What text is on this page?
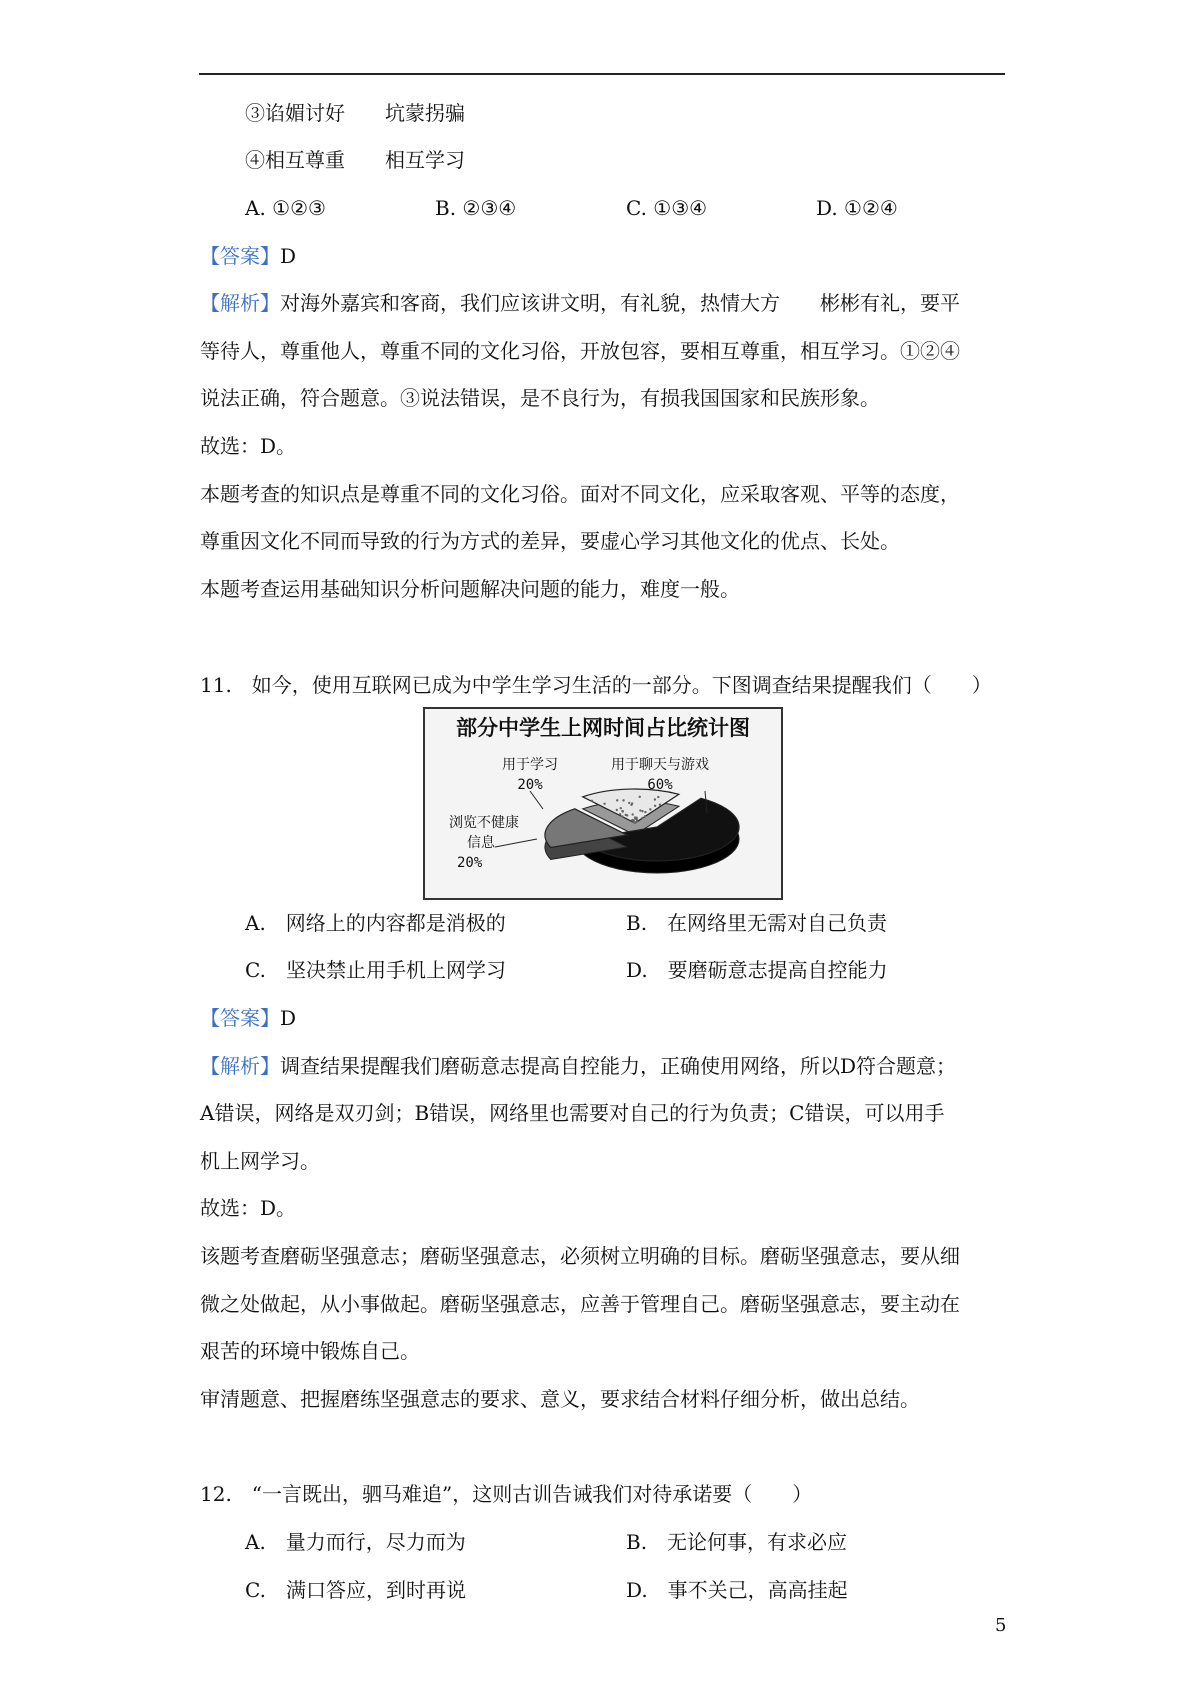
③谄媚讨好　　坑蒙拐骗
④相互尊重　　相互学习
A. ①②③	B. ②③④	C. ①③④	D. ①②④
【答案】D
【解析】对海外嘉宾和客商，我们应该讲文明，有礼貌，热情大方　　彬彬有礼，要平
等待人，尊重他人，尊重不同的文化习俗，开放包容，要相互尊重，相互学习。①②④
说法正确，符合题意。③说法错误，是不良行为，有损我国国家和民族形象。
故选：D。
本题考查的知识点是尊重不同的文化习俗。面对不同文化，应采取客观、平等的态度，
尊重因文化不同而导致的行为方式的差异，要虚心学习其他文化的优点、长处。
本题考查运用基础知识分析问题解决问题的能力，难度一般。
11.　如今，使用互联网已成为中学生学习生活的一部分。下图调查结果提醒我们（　　）
部分中学生上网时间占比统计图
用于学习
20%
用于聊天与游戏
60%
浏览不健康
信息
20%
A.　网络上的内容都是消极的	B.　在网络里无需对自己负责
C.　坚决禁止用手机上网学习	D.　要磨砺意志提高自控能力
【答案】D
【解析】调查结果提醒我们磨砺意志提高自控能力，正确使用网络，所以D符合题意；
A错误，网络是双刃剑；B错误，网络里也需要对自己的行为负责；C错误，可以用手
机上网学习。
故选：D。
该题考查磨砺坚强意志；磨砺坚强意志，必须树立明确的目标。磨砺坚强意志，要从细
微之处做起，从小事做起。磨砺坚强意志，应善于管理自己。磨砺坚强意志，要主动在
艰苦的环境中锻炼自己。
审清题意、把握磨练坚强意志的要求、意义，要求结合材料仔细分析，做出总结。
12.　“一言既出，驷马难追”，这则古训告诫我们对待承诺要（　　）
A.　量力而行，尽力而为	B.　无论何事，有求必应
C.　满口答应，到时再说	D.　事不关己，高高挂起
5
